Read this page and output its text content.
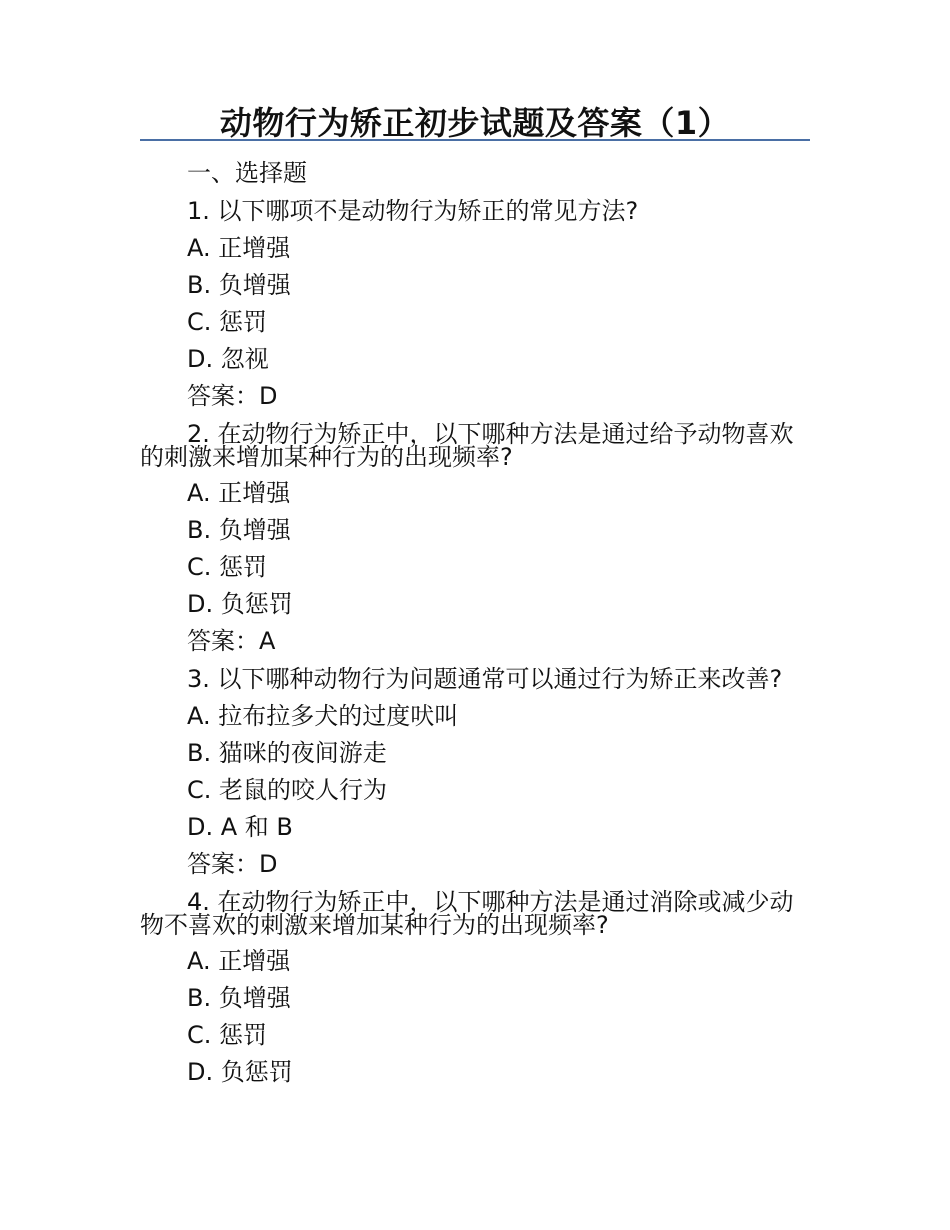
动物行为矫正初步试题及答案（1）
一、选择题
1. 以下哪项不是动物行为矫正的常见方法?
A. 正增强
B. 负增强
C. 惩罚
D. 忽视
答案：D
2. 在动物行为矫正中，以下哪种方法是通过给予动物喜欢
的刺激来增加某种行为的出现频率?
A. 正增强
B. 负增强
C. 惩罚
D. 负惩罚
答案：A
3. 以下哪种动物行为问题通常可以通过行为矫正来改善?
A. 拉布拉多犬的过度吠叫
B. 猫咪的夜间游走
C. 老鼠的咬人行为
D. A 和 B
答案：D
4. 在动物行为矫正中，以下哪种方法是通过消除或减少动
物不喜欢的刺激来增加某种行为的出现频率?
A. 正增强
B. 负增强
C. 惩罚
D. 负惩罚
